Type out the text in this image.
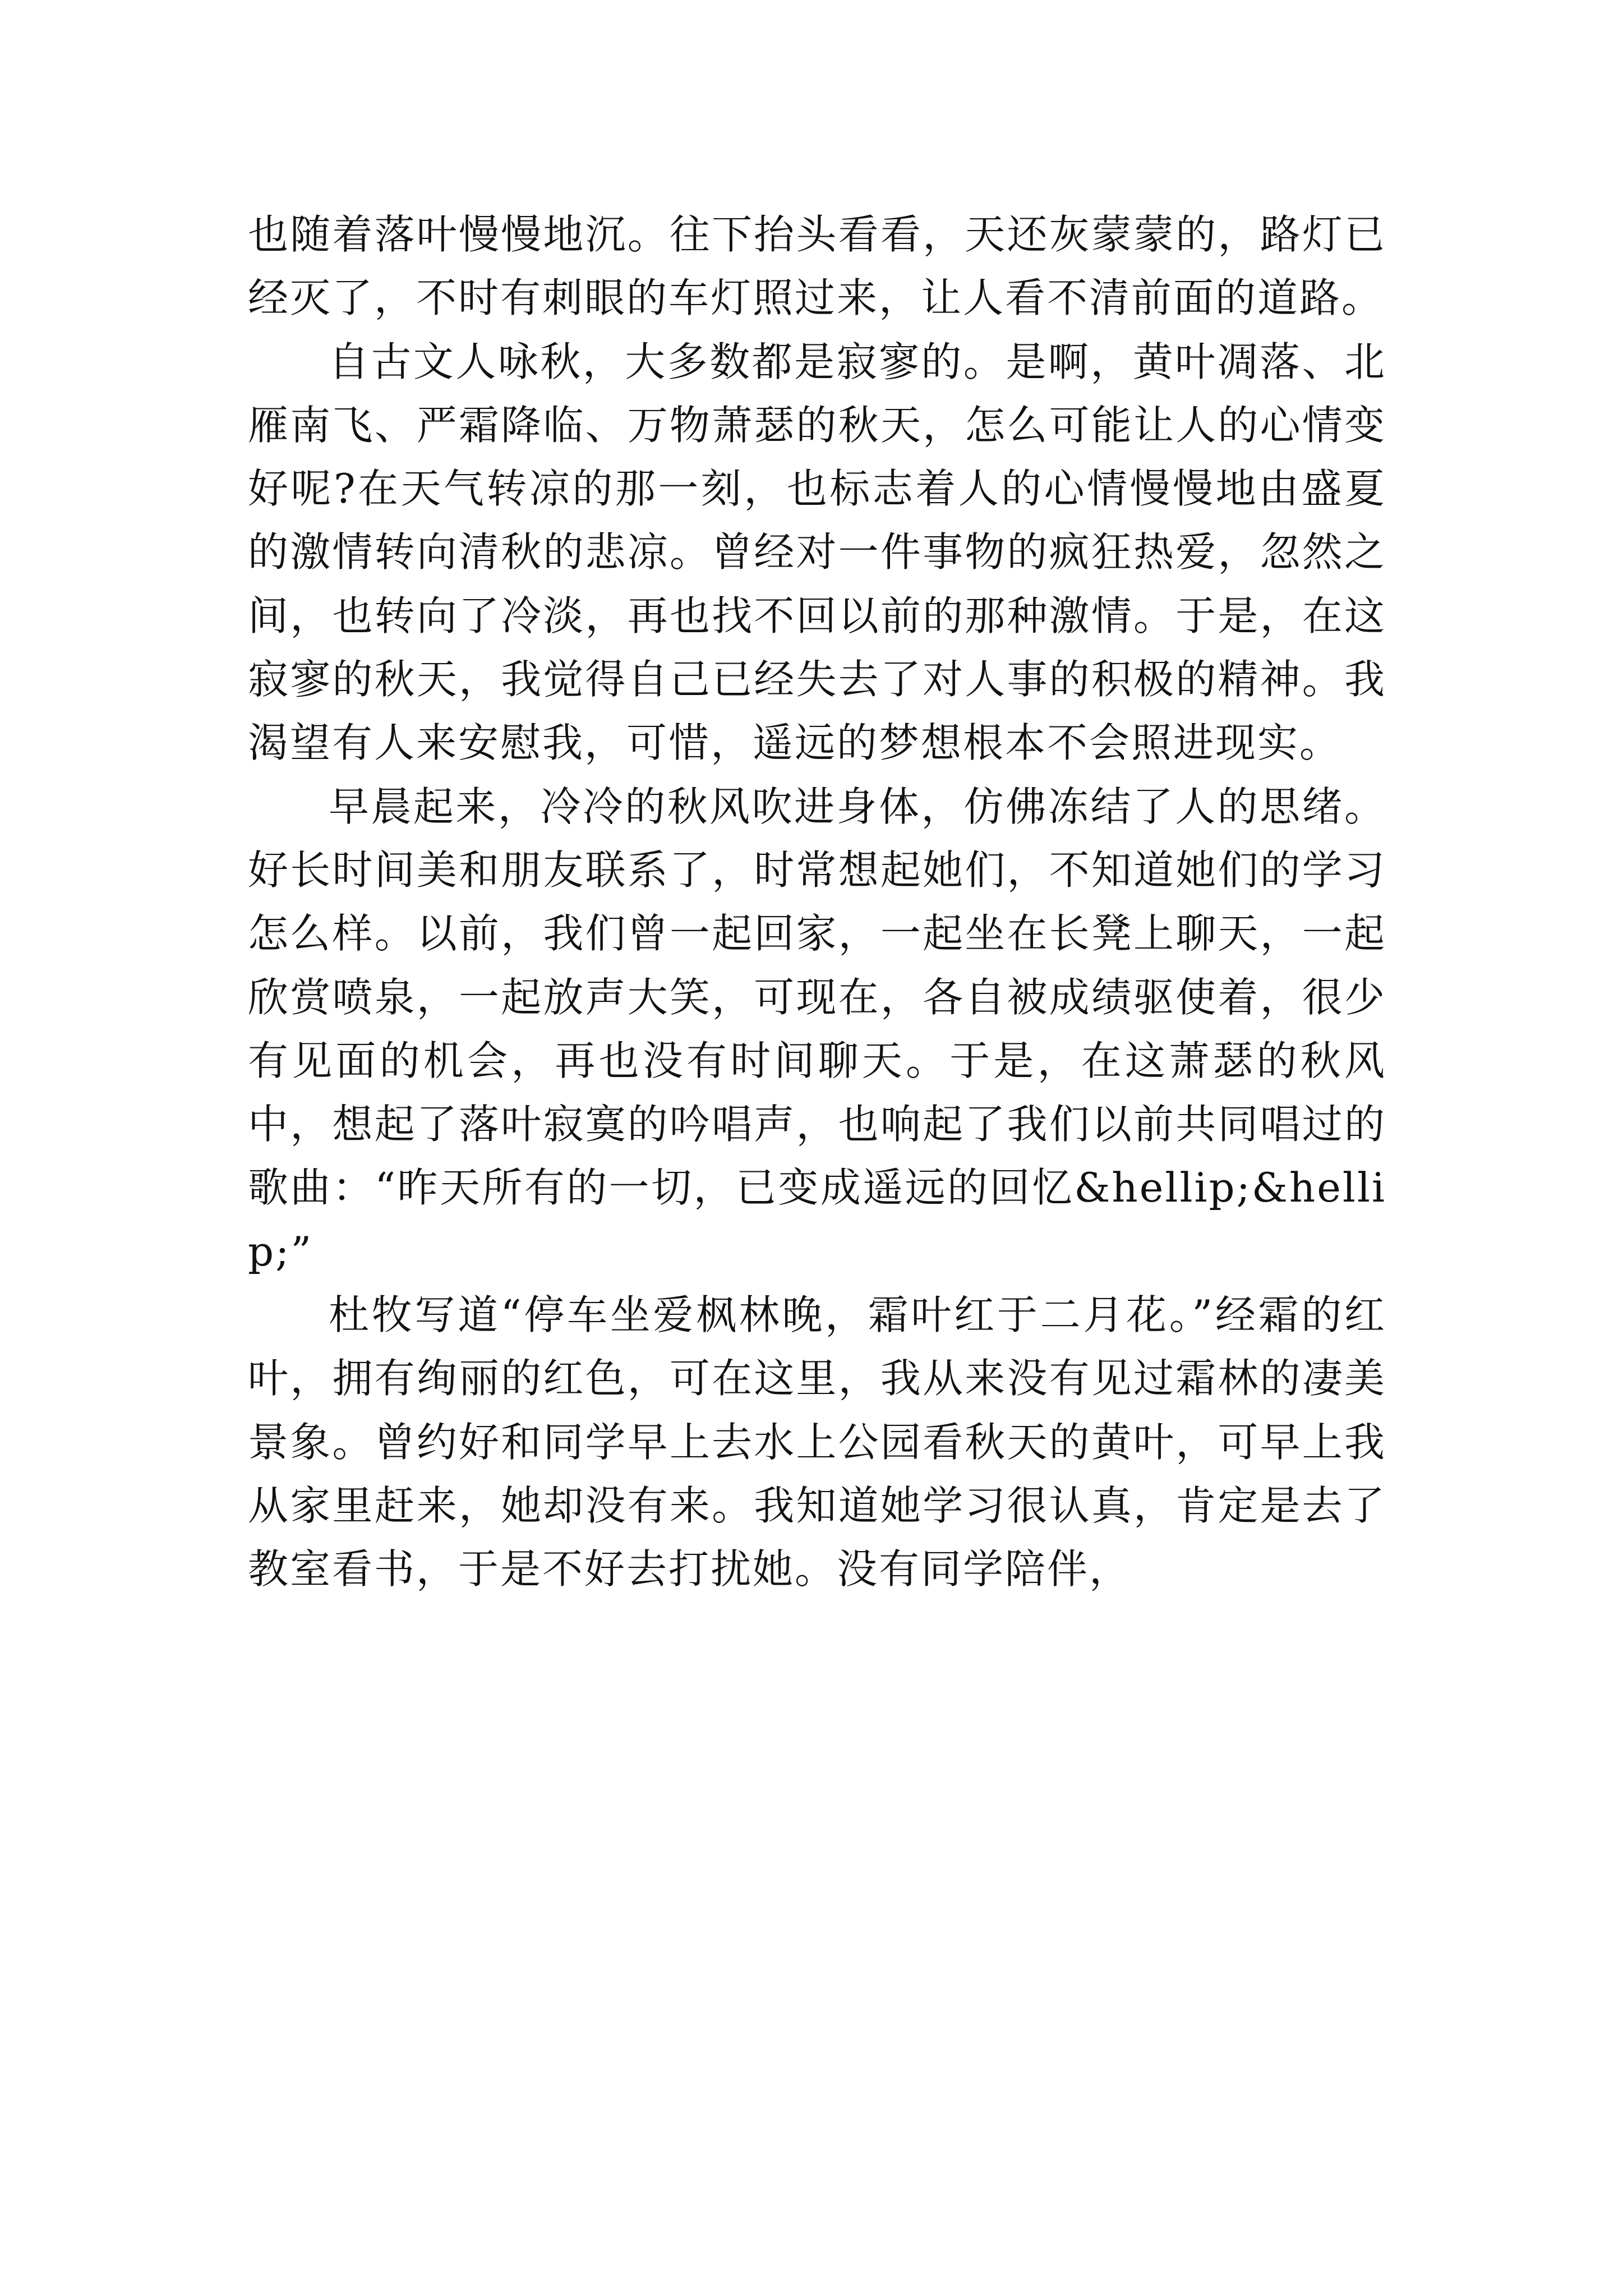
也随着落叶慢慢地沉。往下抬头看看，天还灰蒙蒙的，路灯已经灭了，不时有刺眼的车灯照过来，让人看不清前面的道路。

自古文人咏秋，大多数都是寂寥的。是啊，黄叶凋落、北雁南飞、严霜降临、万物萧瑟的秋天，怎么可能让人的心情变好呢?在天气转凉的那一刻，也标志着人的心情慢慢地由盛夏的激情转向清秋的悲凉。曾经对一件事物的疯狂热爱，忽然之间，也转向了冷淡，再也找不回以前的那种激情。于是，在这寂寥的秋天，我觉得自己已经失去了对人事的积极的精神。我渴望有人来安慰我，可惜，遥远的梦想根本不会照进现实。

早晨起来，冷冷的秋风吹进身体，仿佛冻结了人的思绪。好长时间美和朋友联系了，时常想起她们，不知道她们的学习怎么样。以前，我们曾一起回家，一起坐在长凳上聊天，一起欣赏喷泉，一起放声大笑，可现在，各自被成绩驱使着，很少有见面的机会，再也没有时间聊天。于是，在这萧瑟的秋风中，想起了落叶寂寞的吟唱声，也响起了我们以前共同唱过的歌曲：“昨天所有的一切，已变成遥远的回忆&hellip;&hellip;”

杜牧写道“停车坐爱枫林晚，霜叶红于二月花。”经霜的红叶，拥有绚丽的红色，可在这里，我从来没有见过霜林的凄美景象。曾约好和同学早上去水上公园看秋天的黄叶，可早上我从家里赶来，她却没有来。我知道她学习很认真，肯定是去了教室看书，于是不好去打扰她。没有同学陪伴，
